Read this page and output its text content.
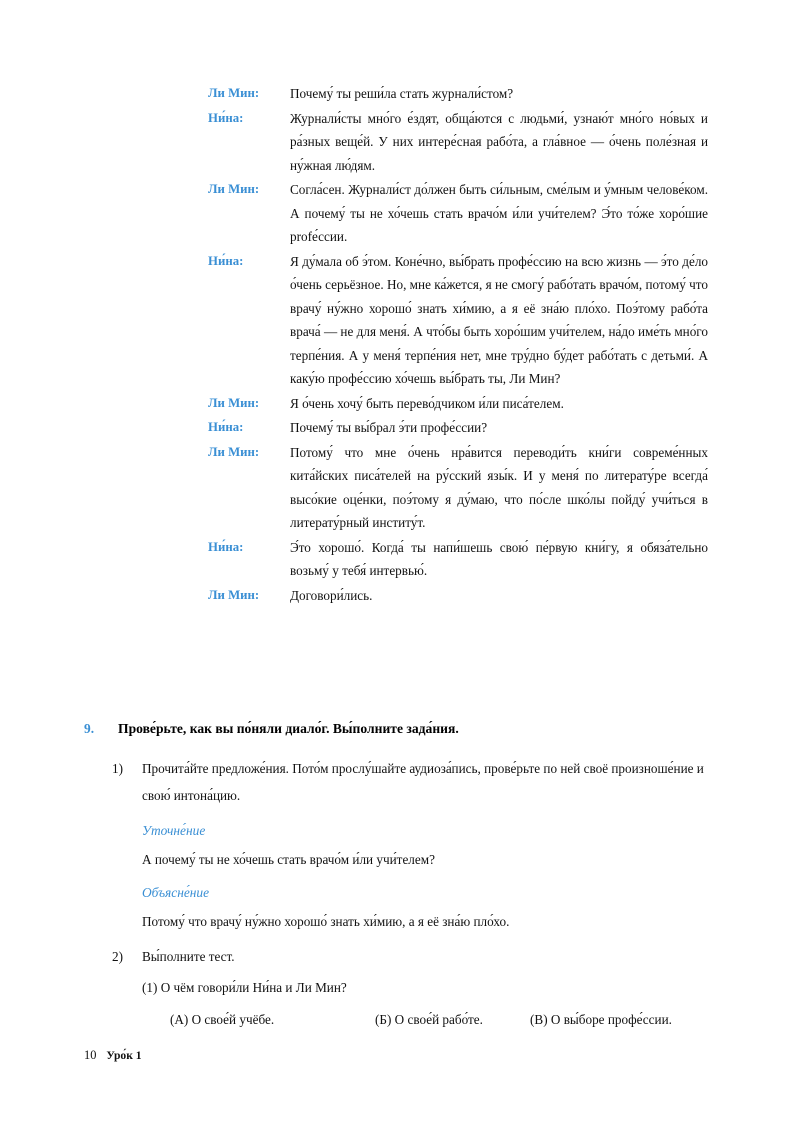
Ли Мин:	Почему́ ты реши́ла стать журнали́стом?
Ни́на:	Журнали́сты мно́го е́здят, обща́ются с людьми́, узнаю́т мно́го но́вых и ра́зных веще́й. У них интере́сная рабо́та, а гла́вное — о́чень поле́зная и ну́жная лю́дям.
Ли Мин:	Согла́сен. Журнали́ст до́лжен быть си́льным, сме́лым и у́мным челове́ком. А почему́ ты не хо́чешь стать врачо́м и́ли учи́телем? Э́то то́же хоро́шие profе́ссии.
Ни́на:	Я ду́мала об э́том. Коне́чно, вы́брать профе́ссию на всю жизнь — э́то де́ло о́чень серьёзное. Но, мне ка́жется, я не смогу́ рабо́тать врачо́м, потому́ что врачу́ ну́жно хорошо́ знать хи́мию, а я её зна́ю пло́хо. Поэ́тому рабо́та врача́ — не для меня́. А что́бы быть хоро́шим учи́телем, на́до име́ть мно́го терпе́ния. А у меня́ терпе́ния нет, мне тру́дно бу́дет рабо́тать с детьми́. А каку́ю профе́ссию хо́чешь вы́брать ты, Ли Мин?
Ли Мин:	Я о́чень хочу́ быть перево́дчиком и́ли писа́телем.
Ни́на:	Почему́ ты вы́брал э́ти профе́ссии?
Ли Мин:	Потому́ что мне о́чень нра́вится переводи́ть кни́ги совреме́нных кита́йских писа́телей на ру́сский язы́к. И у меня́ по литерату́ре всегда́ высо́кие оце́нки, поэ́тому я ду́маю, что по́сле шко́лы пойду́ учи́ться в литерату́рный институ́т.
Ни́на:	Э́то хорошо́. Когда́ ты напи́шешь свою́ пе́рвую кни́гу, я обяза́тельно возьму́ у тебя́ интервью́.
Ли Мин:	Договори́лись.
9.	Прове́рьте, как вы по́няли диало́г. Вы́полните зада́ния.
1)	Прочита́йте предложе́ния. Пото́м прослу́шайте аудиоза́пись, прове́рьте по ней своё произноше́ние и свою́ интона́цию.
Уточне́ние
А почему́ ты не хо́чешь стать врачо́м и́ли учи́телем?
Объясне́ние
Потому́ что врачу́ ну́жно хорошо́ знать хи́мию, а я её зна́ю пло́хо.
2)	Вы́полните тест.
(1) О чём говори́ли Ни́на и Ли Мин?
(А) О свое́й учёбе.	(Б) О свое́й рабо́те.	(В) О вы́боре профе́ссии.
10 Уро́к 1
